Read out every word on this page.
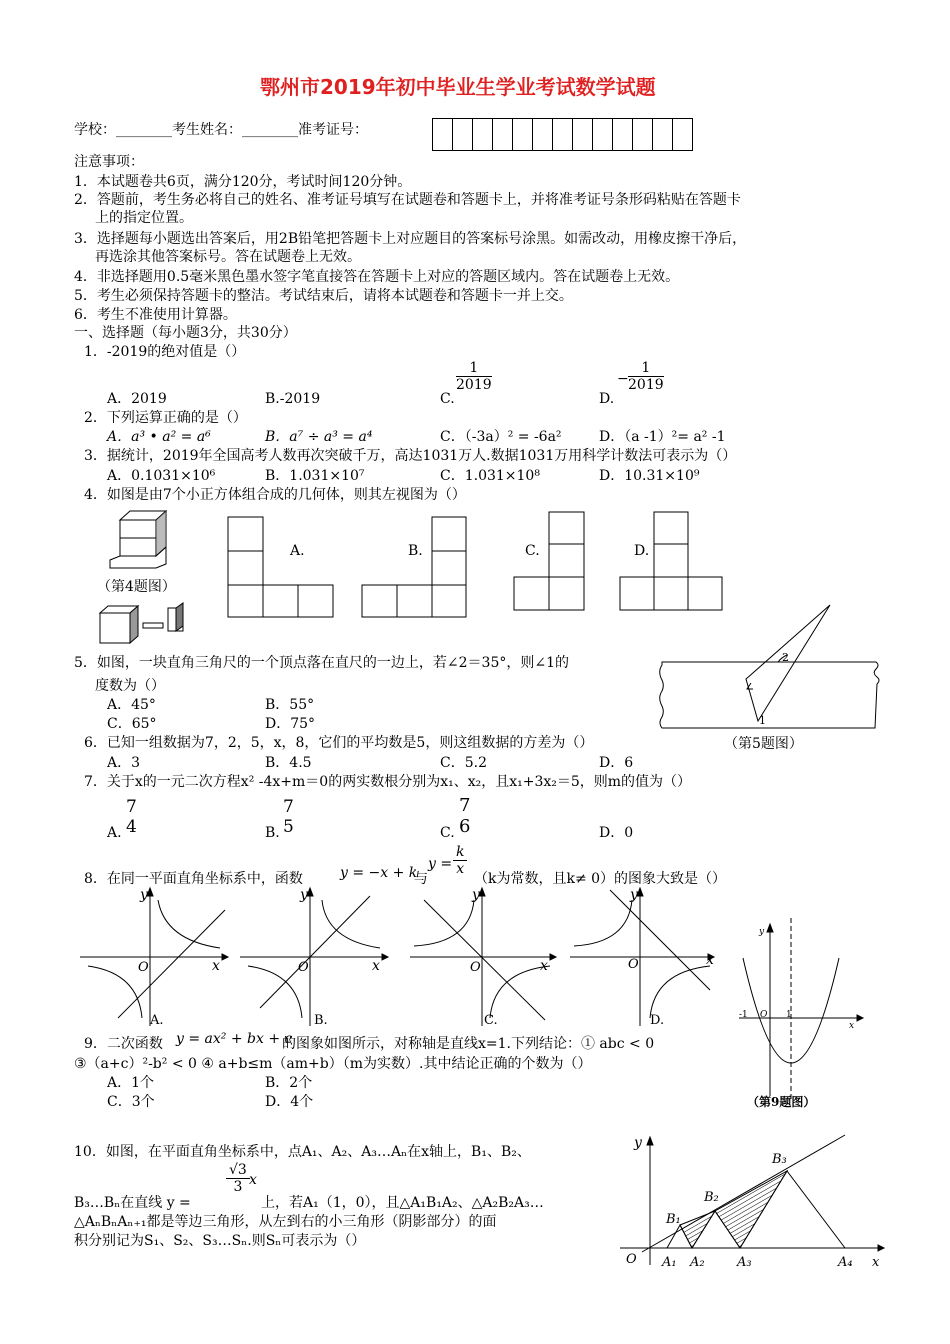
鄂州市2019年初中毕业生学业考试数学试题
学校：________考生姓名：________准考证号：
注意事项：
1．本试题卷共6页，满分120分，考试时间120分钟。
2．答题前，考生务必将自己的姓名、准考证号填写在试题卷和答题卡上，并将准考证号条形码粘贴在答题卡
上的指定位置。
3．选择题每小题选出答案后，用2B铅笔把答题卡上对应题目的答案标号涂黑。如需改动，用橡皮擦干净后，
再选涂其他答案标号。答在试题卷上无效。
4．非选择题用0.5毫米黑色墨水签字笔直接答在答题卡上对应的答题区域内。答在试题卷上无效。
5．考生必须保持答题卡的整洁。考试结束后，请将本试题卷和答题卡一并上交。
6．考生不准使用计算器。
一、选择题（每小题3分，共30分）
1．-2019的绝对值是（）
A．2019	B.-2019	C.
$\frac{1}{2019}$
D.
− $\frac{1}{2019}$
2．下列运算正确的是（）
A．a³ • a² = a⁶	B．a⁷ ÷ a³ = a⁴	C．（-3a）² = -6a²	D．（a -1）²= a² -1
3．据统计，2019年全国高考人数再次突破千万，高达1031万人.数据1031万用科学计数法可表示为（）
A．0.1031×10⁶	B．1.031×10⁷	C．1.031×10⁸	D．10.31×10⁹
4．如图是由7个小正方体组合成的几何体，则其左视图为（）
（第4题图）
A.	B.	C.	D.
5．如图，一块直角三角尺的一个顶点落在直尺的一边上，若∠2＝35°，则∠1的
度数为（）
A．45°	B．55°
C．65°	D．75°
2
1
（第5题图）
6．已知一组数据为7，2，5，x，8，它们的平均数是5，则这组数据的方差为（）
A．3	B．4.5	C．5.2	D．6
7．关于x的一元二次方程x² -4x+m＝0的两实数根分别为x₁、x₂，且x₁+3x₂＝5，则m的值为（）
A.
7
4	B.
7
5	C.
7
6	D．0
8．在同一平面直角坐标系中，函数	y = −x + k
与
$y = \frac{k}{x}$
（k为常数，且k≠ 0）的图象大致是（）
y
x
O
A.
y
x
O
B.
y
x
O
C.
y
x
O
D.
9．二次函数 y = ax² + bx + c
的图象如图所示，对称轴是直线x=1.下列结论：① abc < 0
③（a+c）²-b² < 0 ④ a+b≤m（am+b）（m为实数）.其中结论正确的个数为（）
A．1个	B．2个
C．3个	D．4个
y
x
-1 O 1
（第9题图）
10．如图，在平面直角坐标系中，点A₁、A₂、A₃…Aₙ在x轴上，B₁、B₂、
B₃…Bₙ在直线 y =
$\frac{√3}{3}$ x
上，若A₁（1，0），且△A₁B₁A₂、△A₂B₂A₃…
△AₙBₙAₙ₊₁都是等边三角形，从左到右的小三角形（阴影部分）的面
积分别记为S₁、S₂、S₃…Sₙ.则Sₙ可表示为（）
y
O A₁ A₂ A₃	A₄ x
B₁
B₂
B₃
